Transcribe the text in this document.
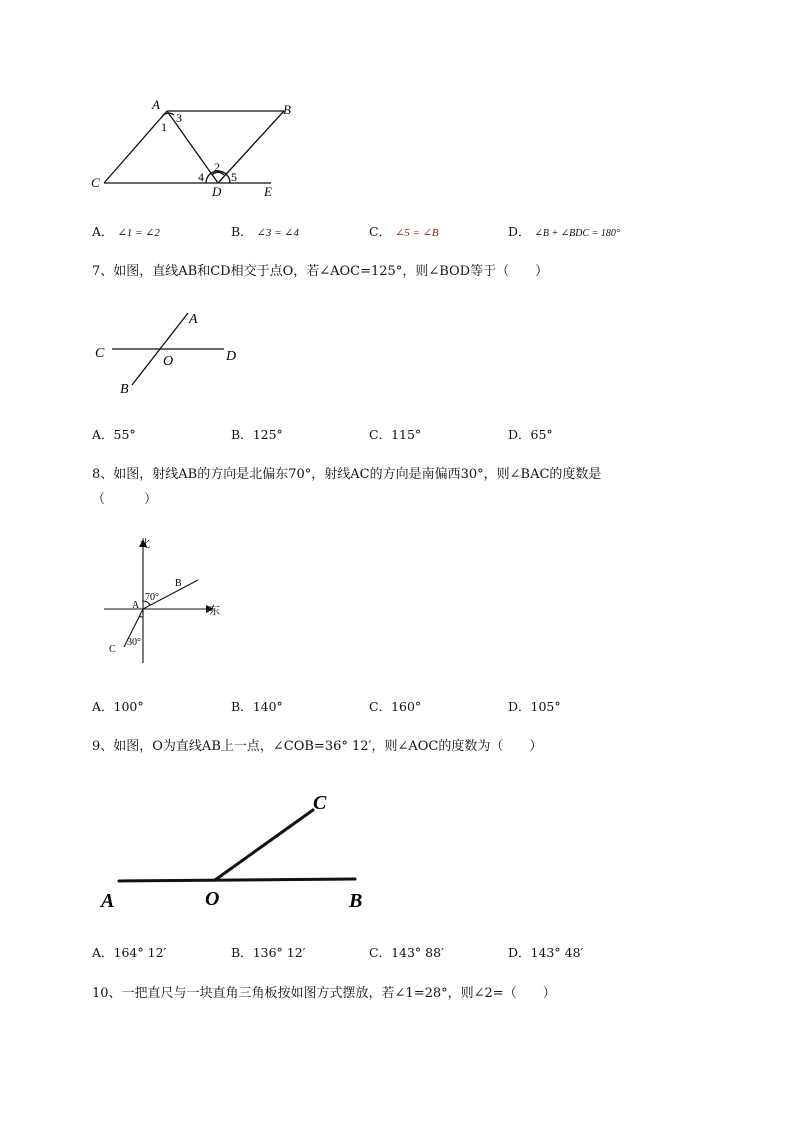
A	B
C
D	E
1
3
2
4 5
A． ∠1 = ∠2	B． ∠3 = ∠4	C． ∠5 = ∠B	D． ∠B + ∠BDC = 180°
7、如图，直线AB和CD相交于点O，若∠AOC=125°，则∠BOD等于（　　）
A
C	D
O
B
A．55°	B．125°	C．115°	D．65°
8、如图，射线AB的方向是北偏东70°，射线AC的方向是南偏西30°，则∠BAC的度数是
（　　　）
北
东
A
B
C
70°
30°
A．100°	B．140°	C．160°	D．105°
9、如图，O为直线AB上一点，∠COB=36° 12′，则∠AOC的度数为（　　）
C
A	O	B
A．164° 12′	B．136° 12′	C．143° 88′	D．143° 48′
10、一把直尺与一块直角三角板按如图方式摆放，若∠1=28°，则∠2=（　　）
